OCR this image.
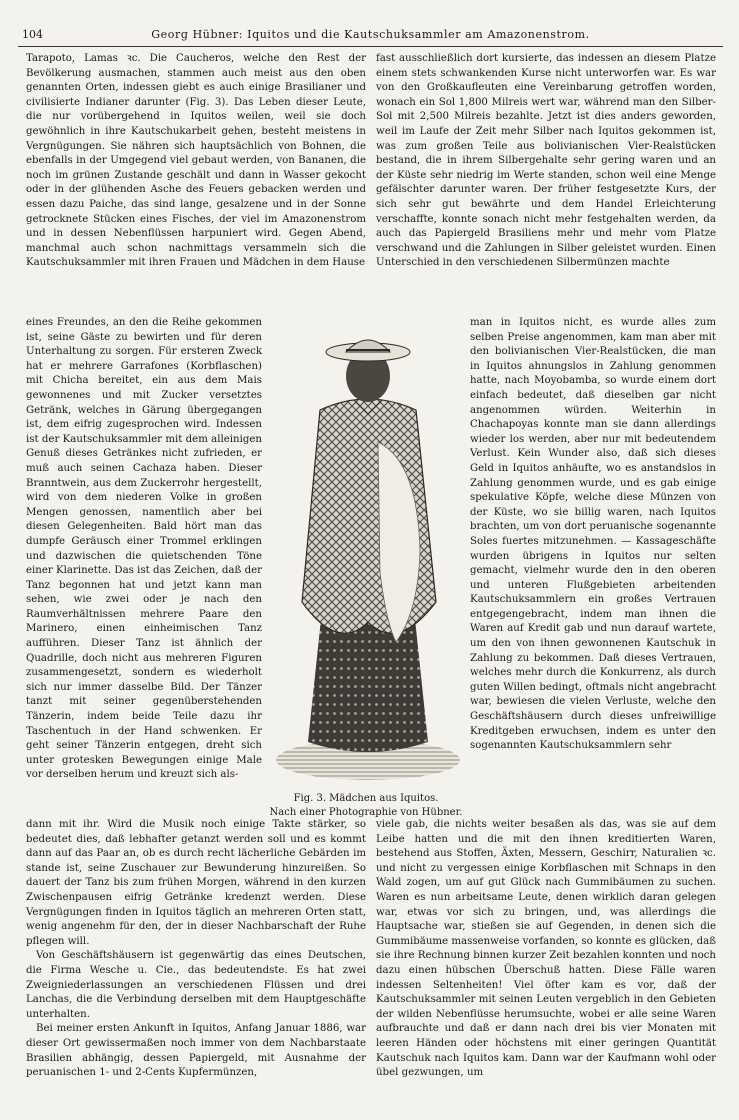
104	Georg Hübner: Iquitos und die Kautschuksammler am Amazonenstrom.

Tarapoto, Lamas ꝛc. Die Caucheros, welche den Rest der Bevölkerung ausmachen, stammen auch meist aus den oben genannten Orten, indessen giebt es auch einige Brasilianer und civilisierte Indianer darunter (Fig. 3). Das Leben dieser Leute, die nur vorübergehend in Iquitos weilen, weil sie doch gewöhnlich in ihre Kautschukarbeit gehen, besteht meistens in Vergnügungen. Sie nähren sich hauptsächlich von Bohnen, die ebenfalls in der Umgegend viel gebaut werden, von Bananen, die noch im grünen Zustande geschält und dann in Wasser gekocht oder in der glühenden Asche des Feuers gebacken werden und essen dazu Paiche, das sind lange, gesalzene und in der Sonne getrocknete Stücken eines Fisches, der viel im Amazonenstrom und in dessen Nebenflüssen harpuniert wird. Gegen Abend, manchmal auch schon nachmittags versammeln sich die Kautschuksammler mit ihren Frauen und Mädchen in dem Hause

fast ausschließlich dort kursierte, das indessen an diesem Platze einem stets schwankenden Kurse nicht unterworfen war. Es war von den Großkaufleuten eine Vereinbarung getroffen worden, wonach ein Sol 1,800 Milreis wert war, während man den Silber-Sol mit 2,500 Milreis bezahlte. Jetzt ist dies anders geworden, weil im Laufe der Zeit mehr Silber nach Iquitos gekommen ist, was zum großen Teile aus bolivianischen Vier-Realstücken bestand, die in ihrem Silbergehalte sehr gering waren und an der Küste sehr niedrig im Werte standen, schon weil eine Menge gefälschter darunter waren. Der früher festgesetzte Kurs, der sich sehr gut bewährte und dem Handel Erleichterung verschaffte, konnte sonach nicht mehr festgehalten werden, da auch das Papiergeld Brasiliens mehr und mehr vom Platze verschwand und die Zahlungen in Silber geleistet wurden. Einen Unterschied in den verschiedenen Silbermünzen machte

eines Freundes, an den die Reihe gekommen ist, seine Gäste zu bewirten und für deren Unterhaltung zu sorgen. Für ersteren Zweck hat er mehrere Garrafones (Korbflaschen) mit Chicha bereitet, ein aus dem Mais gewonnenes und mit Zucker versetztes Getränk, welches in Gärung übergegangen ist, dem eifrig zugesprochen wird. Indessen ist der Kautschuksammler mit dem alleinigen Genuß dieses Getränkes nicht zufrieden, er muß auch seinen Cachaza haben. Dieser Branntwein, aus dem Zuckerrohr hergestellt, wird von dem niederen Volke in großen Mengen genossen, namentlich aber bei diesen Gelegenheiten. Bald hört man das dumpfe Geräusch einer Trommel erklingen und dazwischen die quietschenden Töne einer Klarinette. Das ist das Zeichen, daß der Tanz begonnen hat und jetzt kann man sehen, wie zwei oder je nach den Raumverhältnissen mehrere Paare den Marinero, einen einheimischen Tanz aufführen. Dieser Tanz ist ähnlich der Quadrille, doch nicht aus mehreren Figuren zusammengesetzt, sondern es wiederholt sich nur immer dasselbe Bild. Der Tänzer tanzt mit seiner gegenüberstehenden Tänzerin, indem beide Teile dazu ihr Taschentuch in der Hand schwenken. Er geht seiner Tänzerin entgegen, dreht sich unter grotesken Bewegungen einige Male vor derselben herum und kreuzt sich als-

Fig. 3. Mädchen aus Iquitos.
Nach einer Photographie von Hübner.

man in Iquitos nicht, es wurde alles zum selben Preise angenommen, kam man aber mit den bolivianischen Vier-Realstücken, die man in Iquitos ahnungslos in Zahlung genommen hatte, nach Moyobamba, so wurde einem dort einfach bedeutet, daß dieselben gar nicht angenommen würden. Weiterhin in Chachapoyas konnte man sie dann allerdings wieder los werden, aber nur mit bedeutendem Verlust. Kein Wunder also, daß sich dieses Geld in Iquitos anhäufte, wo es anstandslos in Zahlung genommen wurde, und es gab einige spekulative Köpfe, welche diese Münzen von der Küste, wo sie billig waren, nach Iquitos brachten, um von dort peruanische sogenannte Soles fuertes mitzunehmen. — Kassageschäfte wurden übrigens in Iquitos nur selten gemacht, vielmehr wurde den in den oberen und unteren Flußgebieten arbeitenden Kautschuksammlern ein großes Vertrauen entgegengebracht, indem man ihnen die Waren auf Kredit gab und nun darauf wartete, um den von ihnen gewonnenen Kautschuk in Zahlung zu bekommen. Daß dieses Vertrauen, welches mehr durch die Konkurrenz, als durch guten Willen bedingt, oftmals nicht angebracht war, bewiesen die vielen Verluste, welche den Geschäftshäusern durch dieses unfreiwillige Kreditgeben erwuchsen, indem es unter den sogenannten Kautschuksammlern sehr

dann mit ihr. Wird die Musik noch einige Takte stärker, so bedeutet dies, daß lebhafter getanzt werden soll und es kommt dann auf das Paar an, ob es durch recht lächerliche Gebärden im stande ist, seine Zuschauer zur Bewunderung hinzureißen. So dauert der Tanz bis zum frühen Morgen, während in den kurzen Zwischenpausen eifrig Getränke kredenzt werden. Diese Vergnügungen finden in Iquitos täglich an mehreren Orten statt, wenig angenehm für den, der in dieser Nachbarschaft der Ruhe pflegen will.

Von Geschäftshäusern ist gegenwärtig das eines Deutschen, die Firma Wesche u. Cie., das bedeutendste. Es hat zwei Zweigniederlassungen an verschiedenen Flüssen und drei Lanchas, die die Verbindung derselben mit dem Hauptgeschäfte unterhalten.

Bei meiner ersten Ankunft in Iquitos, Anfang Januar 1886, war dieser Ort gewissermaßen noch immer von dem Nachbarstaate Brasilien abhängig, dessen Papiergeld, mit Ausnahme der peruanischen 1- und 2-Cents Kupfermünzen,

viele gab, die nichts weiter besaßen als das, was sie auf dem Leibe hatten und die mit den ihnen kreditierten Waren, bestehend aus Stoffen, Äxten, Messern, Geschirr, Naturalien ꝛc. und nicht zu vergessen einige Korbflaschen mit Schnaps in den Wald zogen, um auf gut Glück nach Gummibäumen zu suchen. Waren es nun arbeitsame Leute, denen wirklich daran gelegen war, etwas vor sich zu bringen, und, was allerdings die Hauptsache war, stießen sie auf Gegenden, in denen sich die Gummibäume massenweise vorfanden, so konnte es glücken, daß sie ihre Rechnung binnen kurzer Zeit bezahlen konnten und noch dazu einen hübschen Überschuß hatten. Diese Fälle waren indessen Seltenheiten! Viel öfter kam es vor, daß der Kautschuksammler mit seinen Leuten vergeblich in den Gebieten der wilden Nebenflüsse herumsuchte, wobei er alle seine Waren aufbrauchte und daß er dann nach drei bis vier Monaten mit leeren Händen oder höchstens mit einer geringen Quantität Kautschuk nach Iquitos kam. Dann war der Kaufmann wohl oder übel gezwungen, um
